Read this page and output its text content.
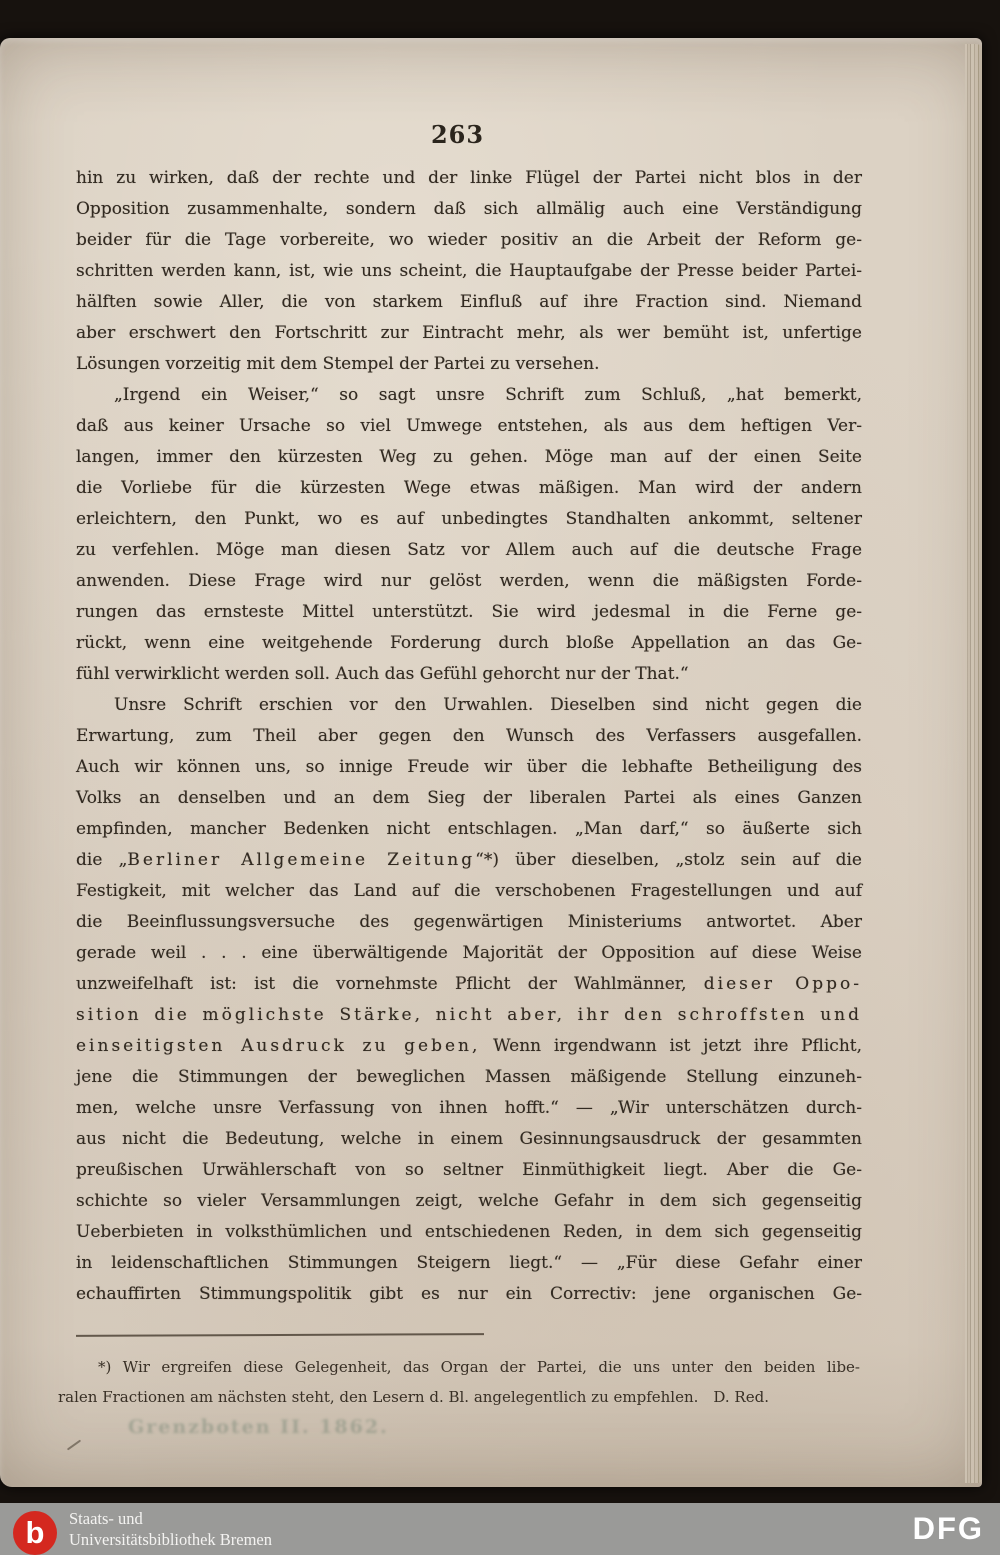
263
hin zu wirken, daß der rechte und der linke Flügel der Partei nicht blos in der
Opposition zusammenhalte, sondern daß sich allmälig auch eine Verständigung
beider für die Tage vorbereite, wo wieder positiv an die Arbeit der Reform ge-
schritten werden kann, ist, wie uns scheint, die Hauptaufgabe der Presse beider Partei-
hälften sowie Aller, die von starkem Einfluß auf ihre Fraction sind. Niemand
aber erschwert den Fortschritt zur Eintracht mehr, als wer bemüht ist, unfertige
Lösungen vorzeitig mit dem Stempel der Partei zu versehen.
„Irgend ein Weiser,“ so sagt unsre Schrift zum Schluß, „hat bemerkt,
daß aus keiner Ursache so viel Umwege entstehen, als aus dem heftigen Ver-
langen, immer den kürzesten Weg zu gehen. Möge man auf der einen Seite
die Vorliebe für die kürzesten Wege etwas mäßigen. Man wird der andern
erleichtern, den Punkt, wo es auf unbedingtes Standhalten ankommt, seltener
zu verfehlen. Möge man diesen Satz vor Allem auch auf die deutsche Frage
anwenden. Diese Frage wird nur gelöst werden, wenn die mäßigsten Forde-
rungen das ernsteste Mittel unterstützt. Sie wird jedesmal in die Ferne ge-
rückt, wenn eine weitgehende Forderung durch bloße Appellation an das Ge-
fühl verwirklicht werden soll. Auch das Gefühl gehorcht nur der That.“
Unsre Schrift erschien vor den Urwahlen. Dieselben sind nicht gegen die
Erwartung, zum Theil aber gegen den Wunsch des Verfassers ausgefallen.
Auch wir können uns, so innige Freude wir über die lebhafte Betheiligung des
Volks an denselben und an dem Sieg der liberalen Partei als eines Ganzen
empfinden, mancher Bedenken nicht entschlagen. „Man darf,“ so äußerte sich
die „Berliner Allgemeine Zeitung“*) über dieselben, „stolz sein auf die
Festigkeit, mit welcher das Land auf die verschobenen Fragestellungen und auf
die Beeinflussungsversuche des gegenwärtigen Ministeriums antwortet. Aber
gerade weil . . . eine überwältigende Majorität der Opposition auf diese Weise
unzweifelhaft ist: ist die vornehmste Pflicht der Wahlmänner, dieser Oppo-
sition die möglichste Stärke, nicht aber, ihr den schroffsten und
einseitigsten Ausdruck zu geben, Wenn irgendwann ist jetzt ihre Pflicht,
jene die Stimmungen der beweglichen Massen mäßigende Stellung einzuneh-
men, welche unsre Verfassung von ihnen hofft.“ — „Wir unterschätzen durch-
aus nicht die Bedeutung, welche in einem Gesinnungsausdruck der gesammten
preußischen Urwählerschaft von so seltner Einmüthigkeit liegt. Aber die Ge-
schichte so vieler Versammlungen zeigt, welche Gefahr in dem sich gegenseitig
Ueberbieten in volksthümlichen und entschiedenen Reden, in dem sich gegenseitig
in leidenschaftlichen Stimmungen Steigern liegt.“ — „Für diese Gefahr einer
echauffirten Stimmungspolitik gibt es nur ein Correctiv: jene organischen Ge-
*) Wir ergreifen diese Gelegenheit, das Organ der Partei, die uns unter den beiden libe-
ralen Fractionen am nächsten steht, den Lesern d. Bl. angelegentlich zu empfehlen. D. Red.
Grenzboten II. 1862.
b Staats- und
Universitätsbibliothek Bremen	DFG
